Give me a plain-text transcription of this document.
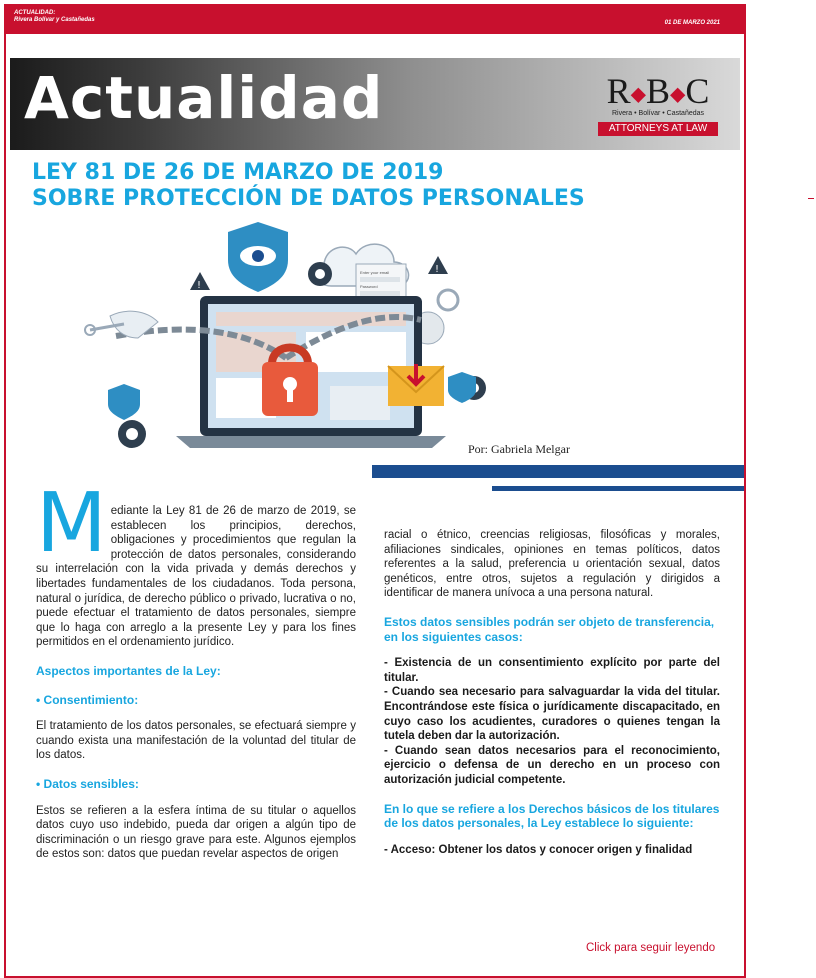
ACTUALIDAD:
Rivera Bolívar y Castañedas	01 DE MARZO 2021
Actualidad	R◆B◆C
Rivera • Bolívar • Castañedas
ATTORNEYS AT LAW
LEY 81 DE 26 DE MARZO DE 2019
SOBRE PROTECCIÓN DE DATOS PERSONALES
Enter your email
Password
!
!
Por: Gabriela Melgar

Mediante la Ley 81 de 26 de marzo de 2019, se establecen los principios, derechos, obligaciones y procedimientos que regulan la protección de datos personales, considerando su interrelación con la vida privada y demás derechos y libertades fundamentales de los ciudadanos. Toda persona, natural o jurídica, de derecho público o privado, lucrativa o no, puede efectuar el tratamiento de datos personales, siempre que lo haga con arreglo a la presente Ley y para los fines permitidos en el ordenamiento jurídico.

Aspectos importantes de la Ley:

• Consentimiento:

El tratamiento de los datos personales, se efectuará siempre y cuando exista una manifestación de la voluntad del titular de los datos.

• Datos sensibles:

Estos se refieren a la esfera íntima de su titular o aquellos datos cuyo uso indebido, pueda dar origen a algún tipo de discriminación o un riesgo grave para este. Algunos ejemplos de estos son: datos que puedan revelar aspectos de origen

racial o étnico, creencias religiosas, filosóficas y morales, afiliaciones sindicales, opiniones en temas políticos, datos referentes a la salud, preferencia u orientación sexual, datos genéticos, entre otros, sujetos a regulación y dirigidos a identificar de manera unívoca a una persona natural.

Estos datos sensibles podrán ser objeto de transferencia, en los siguientes casos:

- Existencia de un consentimiento explícito por parte del titular.

- Cuando sea necesario para salvaguardar la vida del titular. Encontrándose este física o jurídicamente discapacitado, en cuyo caso los acudientes, curadores o quienes tengan la tutela deben dar la autorización.

- Cuando sean datos necesarios para el reconocimiento, ejercicio o defensa de un derecho en un proceso con autorización judicial competente.

En lo que se refiere a los Derechos básicos de los titulares de los datos personales, la Ley establece lo siguiente:

- Acceso: Obtener los datos y conocer origen y finalidad

Click para seguir leyendo
